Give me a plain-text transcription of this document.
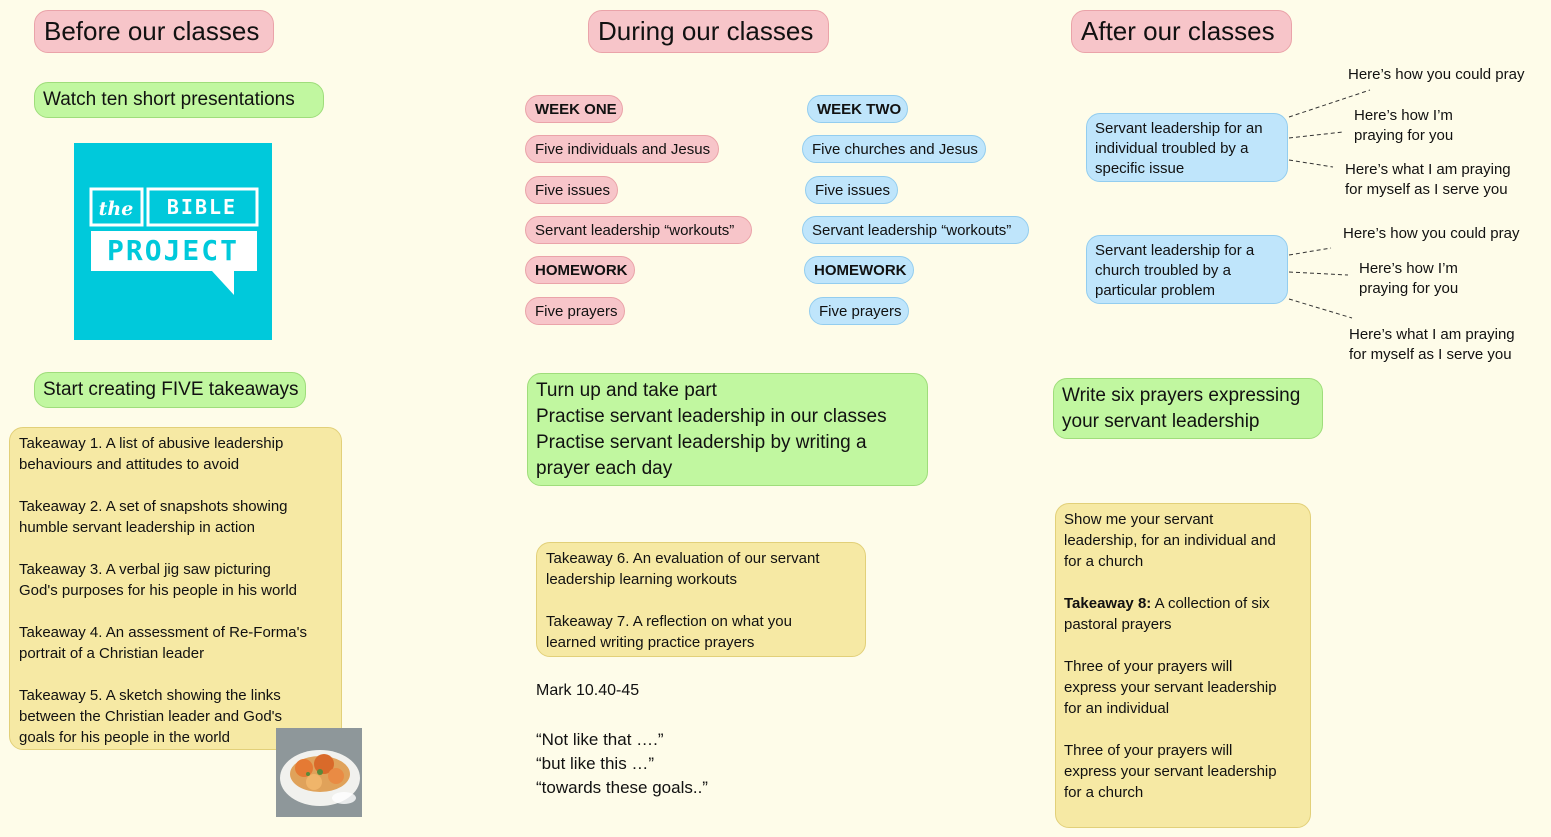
Before our classes
Watch ten short presentations
the BIBLE
PROJECT
Start creating FIVE takeaways

Takeaway 1. A list of abusive leadership
behaviours and attitudes to avoid

Takeaway 2. A set of snapshots showing
humble servant leadership in action

Takeaway 3. A verbal jig saw picturing
God's purposes for his people in his world

Takeaway 4. An assessment of Re-Forma's
portrait of a Christian leader

Takeaway 5. A sketch showing the links
between the Christian leader and God's
goals for his people in the world

During our classes
WEEK ONE
Five individuals and Jesus
Five issues
Servant leadership “workouts”
HOMEWORK
Five prayers
WEEK TWO
Five churches and Jesus
Five issues
Servant leadership “workouts”
HOMEWORK
Five prayers
Turn up and take part
Practise servant leadership in our classes
Practise servant leadership by writing a
prayer each day

Takeaway 6. An evaluation of our servant
leadership learning workouts

Takeaway 7. A reflection on what you
learned writing practice prayers

Mark 10.40-45
“Not like that ….”
“but like this …”
“towards these goals..”
After our classes
Servant leadership for an
individual troubled by a
specific issue
Here’s how you could pray
Here’s how I’m
praying for you
Here’s what I am praying
for myself as I serve you
Servant leadership for a
church troubled by a
particular problem
Here’s how you could pray
Here’s how I’m
praying for you
Here’s what I am praying
for myself as I serve you
Write six prayers expressing
your servant leadership

Show me your servant
leadership, for an individual and
for a church

Takeaway 8: A collection of six
pastoral prayers

Three of your prayers will
express your servant leadership
for an individual

Three of your prayers will
express your servant leadership
for a church
